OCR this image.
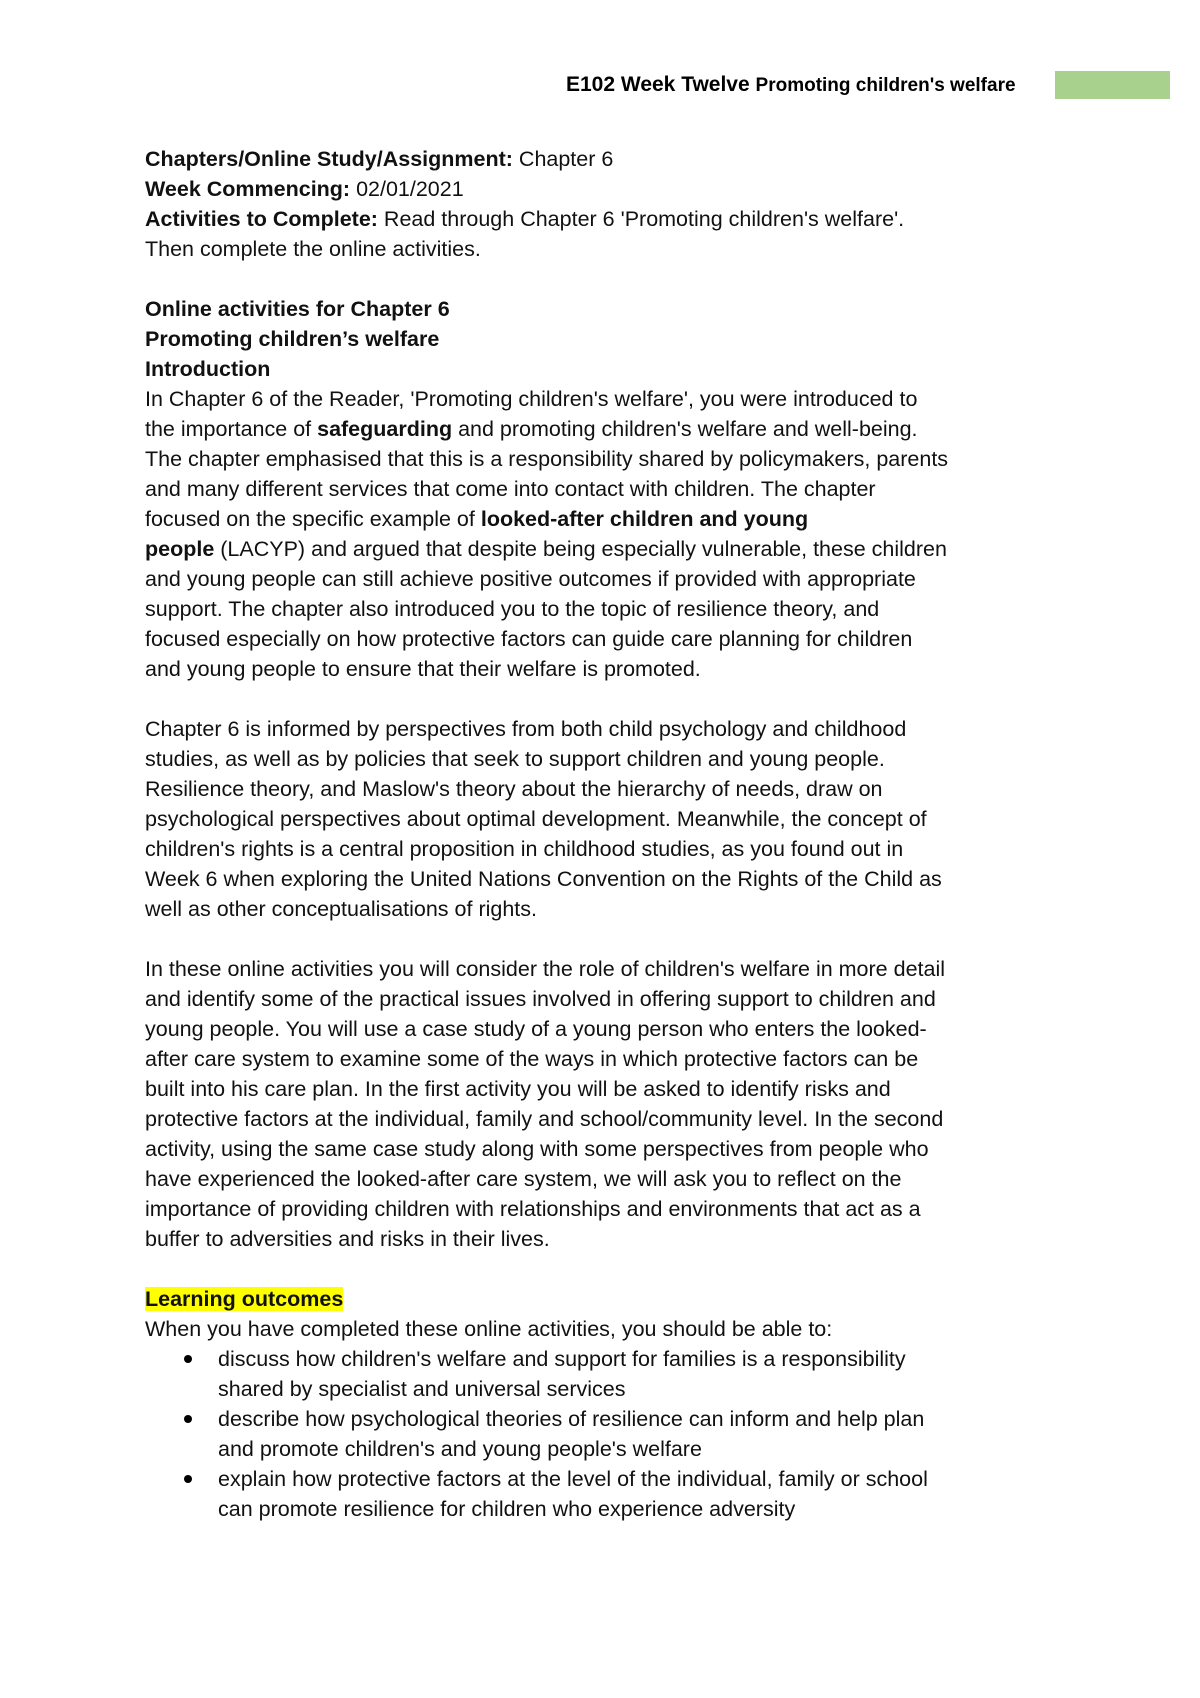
E102 Week Twelve Promoting children's welfare

Chapters/Online Study/Assignment: Chapter 6

Week Commencing: 02/01/2021

Activities to Complete: Read through Chapter 6 'Promoting children's welfare'.

Then complete the online activities.

Online activities for Chapter 6

Promoting children’s welfare

Introduction

In Chapter 6 of the Reader, 'Promoting children's welfare', you were introduced to

the importance of safeguarding and promoting children's welfare and well-being.

The chapter emphasised that this is a responsibility shared by policymakers, parents

and many different services that come into contact with children. The chapter

focused on the specific example of looked-after children and young

people (LACYP) and argued that despite being especially vulnerable, these children

and young people can still achieve positive outcomes if provided with appropriate

support. The chapter also introduced you to the topic of resilience theory, and

focused especially on how protective factors can guide care planning for children

and young people to ensure that their welfare is promoted.

Chapter 6 is informed by perspectives from both child psychology and childhood

studies, as well as by policies that seek to support children and young people.

Resilience theory, and Maslow's theory about the hierarchy of needs, draw on

psychological perspectives about optimal development. Meanwhile, the concept of

children's rights is a central proposition in childhood studies, as you found out in

Week 6 when exploring the United Nations Convention on the Rights of the Child as

well as other conceptualisations of rights.

In these online activities you will consider the role of children's welfare in more detail

and identify some of the practical issues involved in offering support to children and

young people. You will use a case study of a young person who enters the looked-

after care system to examine some of the ways in which protective factors can be

built into his care plan. In the first activity you will be asked to identify risks and

protective factors at the individual, family and school/community level. In the second

activity, using the same case study along with some perspectives from people who

have experienced the looked-after care system, we will ask you to reflect on the

importance of providing children with relationships and environments that act as a

buffer to adversities and risks in their lives.

Learning outcomes

When you have completed these online activities, you should be able to:

discuss how children's welfare and support for families is a responsibility
shared by specialist and universal services
describe how psychological theories of resilience can inform and help plan
and promote children's and young people's welfare
explain how protective factors at the level of the individual, family or school
can promote resilience for children who experience adversity
